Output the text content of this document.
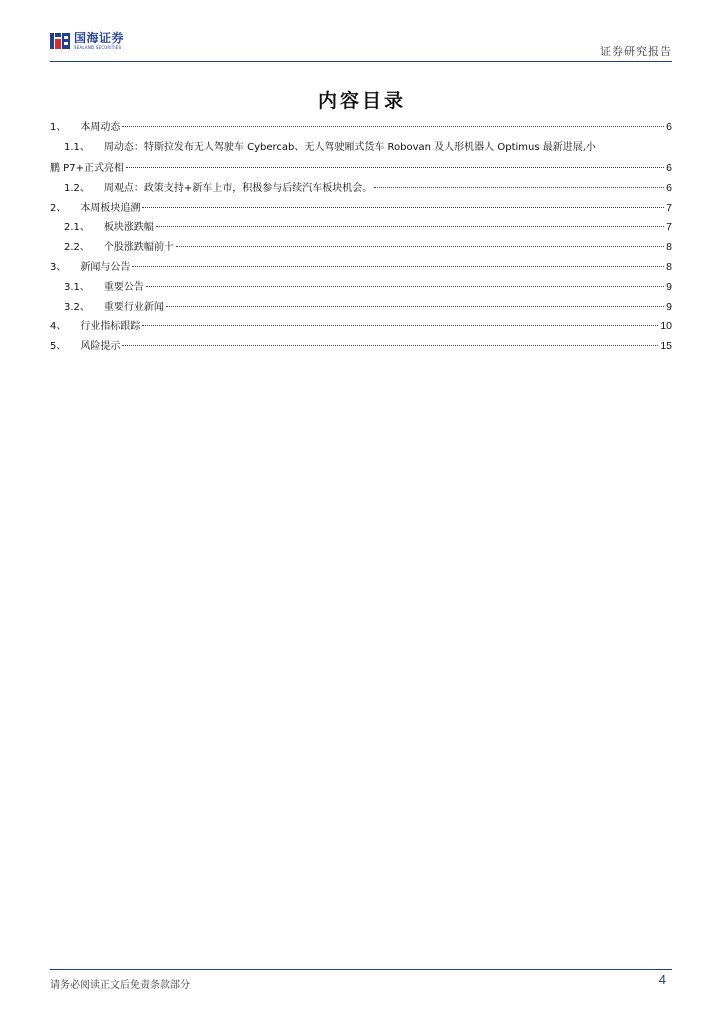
国海证券
SEALAND SECURITIES	证券研究报告
内容目录
1、 本周动态	6
1.1、 周动态：特斯拉发布无人驾驶车 Cybercab、无人驾驶厢式货车 Robovan 及人形机器人 Optimus 最新进展,小
鹏 P7+正式亮相	6
1.2、 周观点：政策支持+新车上市，积极参与后续汽车板块机会。	6
2、 本周板块追溯	7
2.1、 板块涨跌幅	7
2.2、 个股涨跌幅前十	8
3、 新闻与公告	8
3.1、 重要公告	9
3.2、 重要行业新闻	9
4、 行业指标跟踪	10
5、 风险提示	15
请务必阅读正文后免责条款部分	4
